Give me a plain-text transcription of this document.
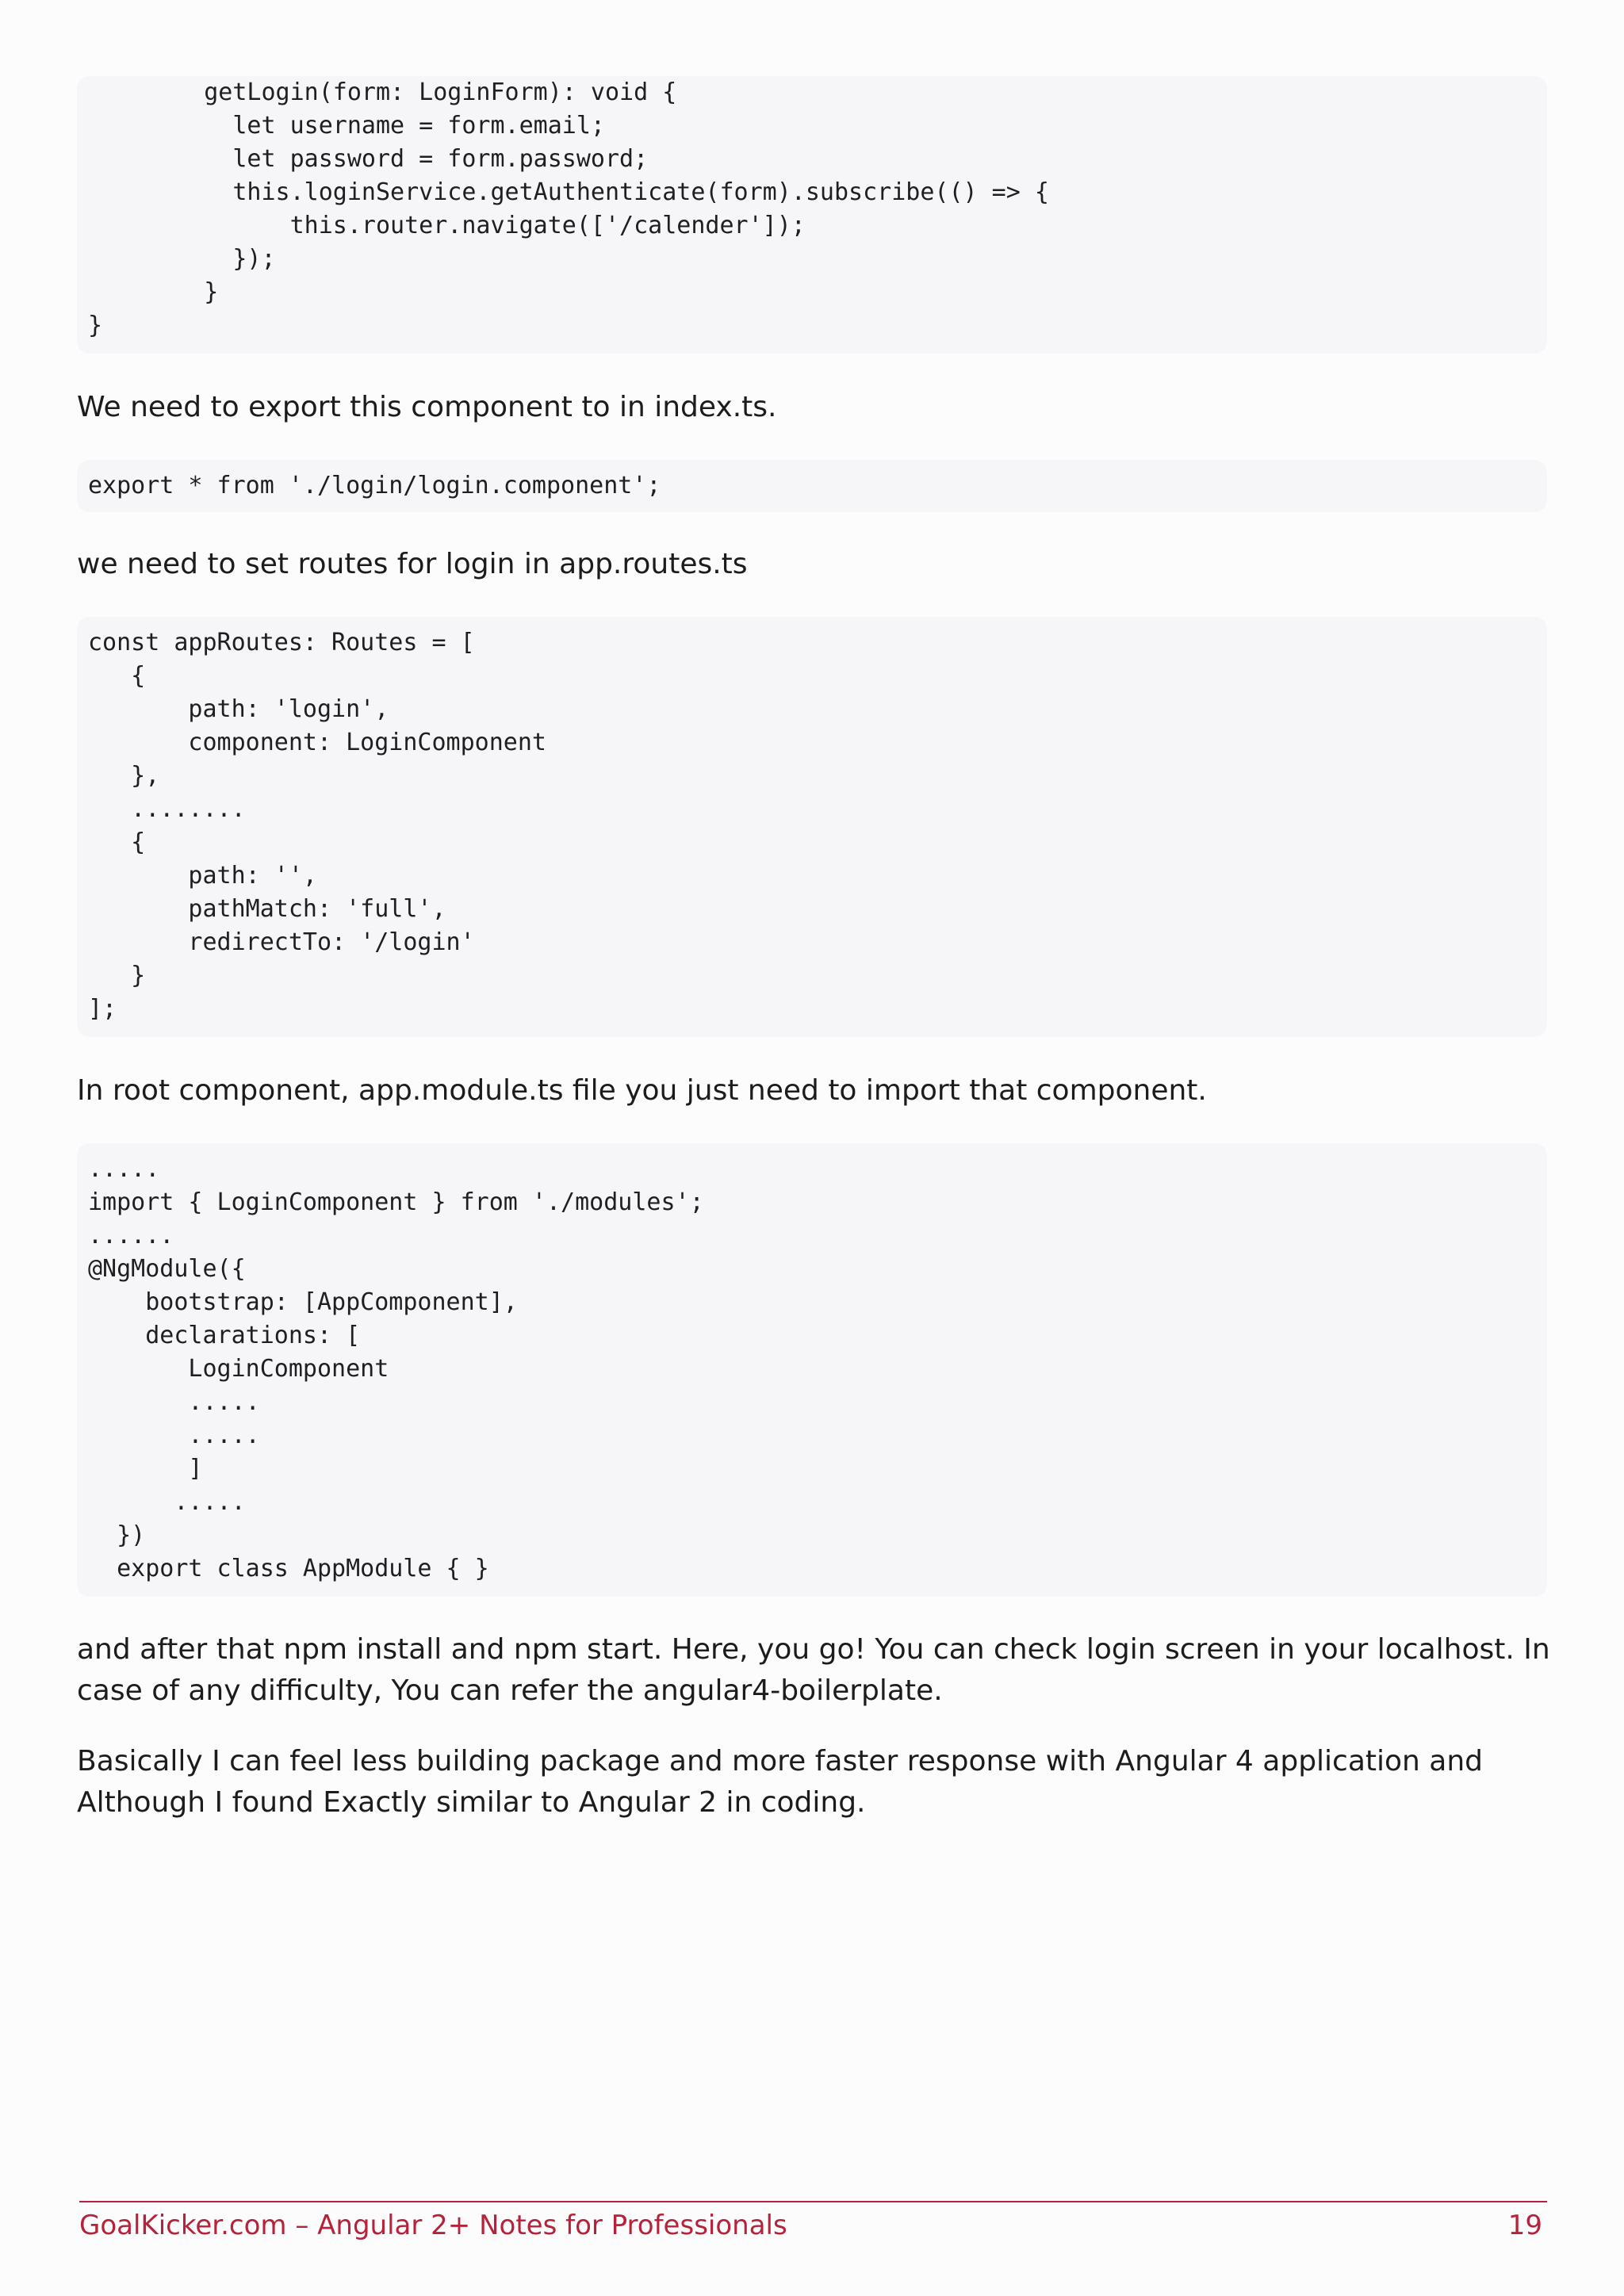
getLogin(form: LoginForm): void {
let username = form.email;
let password = form.password;
this.loginService.getAuthenticate(form).subscribe(() => {
this.router.navigate(['/calender']);
});
}
}
We need to export this component to in index.ts.
export * from './login/login.component';
we need to set routes for login in app.routes.ts
const appRoutes: Routes = [
{
path: 'login',
component: LoginComponent
},
........
{
path: '',
pathMatch: 'full',
redirectTo: '/login'
}
];
In root component, app.module.ts file you just need to import that component.
.....
import { LoginComponent } from './modules';
......
@NgModule({
bootstrap: [AppComponent],
declarations: [
LoginComponent
.....
.....
]
.....
})
export class AppModule { }
and after that npm install and npm start. Here, you go! You can check login screen in your localhost. In case of any difficulty, You can refer the angular4-boilerplate.
Basically I can feel less building package and more faster response with Angular 4 application and Although I found Exactly similar to Angular 2 in coding.
GoalKicker.com – Angular 2+ Notes for Professionals	19
